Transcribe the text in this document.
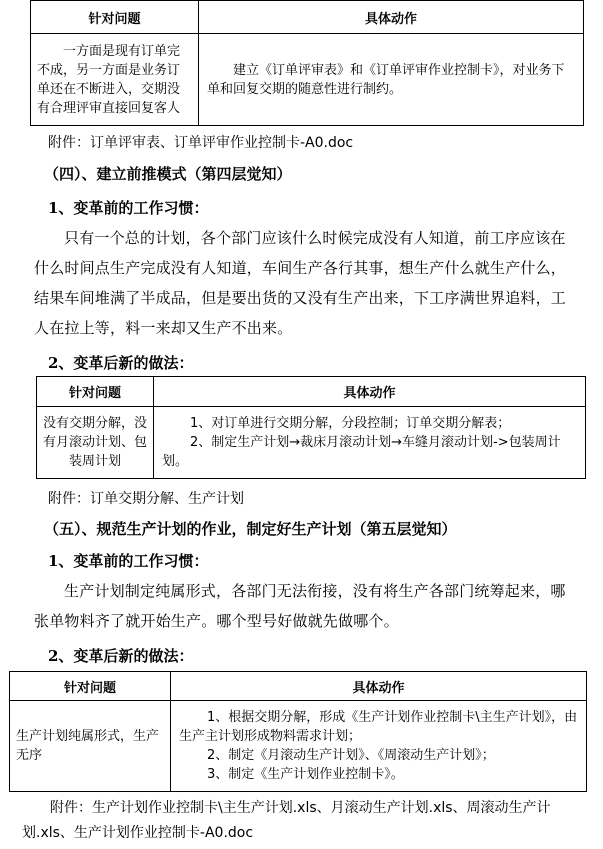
针对问题	具体动作
一方面是现有订单完不成，另一方面是业务订单还在不断进入，交期没有合理评审直接回复客人	建立《订单评审表》和《订单评审作业控制卡》，对业务下单和回复交期的随意性进行制约。
附件：订单评审表、订单评审作业控制卡-A0.doc
（四）、建立前推模式（第四层觉知）
1、变革前的工作习惯：
只有一个总的计划，各个部门应该什么时候完成没有人知道，前工序应该在什么时间点生产完成没有人知道，车间生产各行其事，想生产什么就生产什么，结果车间堆满了半成品，但是要出货的又没有生产出来，下工序满世界追料，工人在拉上等，料一来却又生产不出来。
2、变革后新的做法：
针对问题	具体动作
没有交期分解，没有月滚动计划、包装周计划	1、对订单进行交期分解，分段控制；订单交期分解表；
2、制定生产计划→裁床月滚动计划→车缝月滚动计划->包装周计划。
附件：订单交期分解、生产计划
（五）、规范生产计划的作业，制定好生产计划（第五层觉知）
1、变革前的工作习惯：
生产计划制定纯属形式，各部门无法衔接，没有将生产各部门统筹起来，哪张单物料齐了就开始生产。哪个型号好做就先做哪个。
2、变革后新的做法：
针对问题	具体动作
生产计划纯属形式，生产无序	1、根据交期分解，形成《生产计划作业控制卡\主生产计划》，由生产主计划形成物料需求计划；
2、制定《月滚动生产计划》、《周滚动生产计划》；
3、制定《生产计划作业控制卡》。
附件：生产计划作业控制卡\主生产计划.xls、月滚动生产计划.xls、周滚动生产计划.xls、生产计划作业控制卡-A0.doc
